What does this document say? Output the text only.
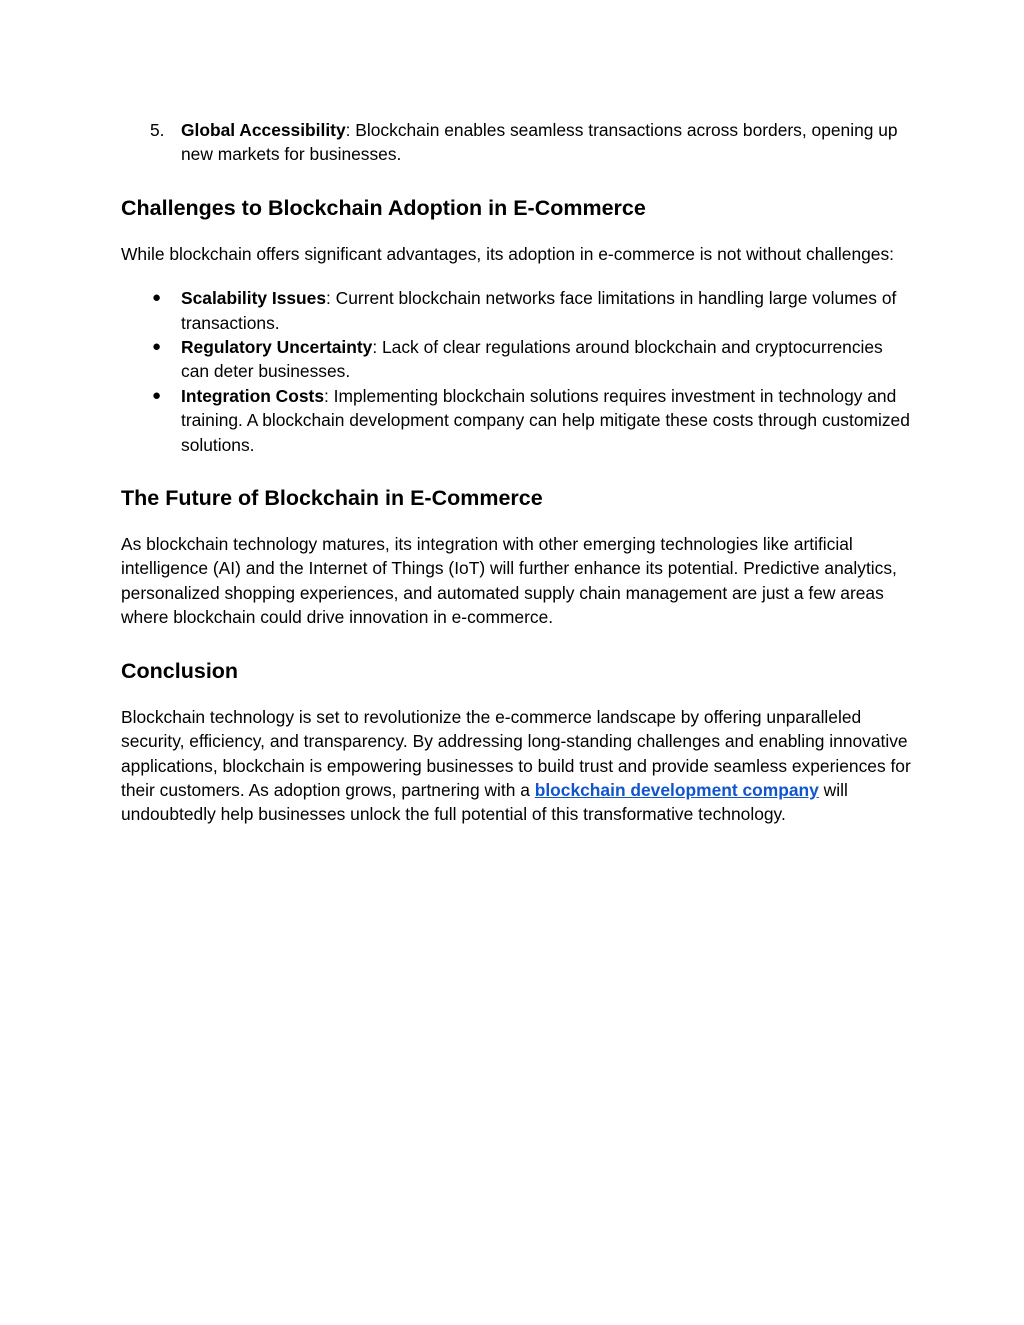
5. Global Accessibility: Blockchain enables seamless transactions across borders, opening up new markets for businesses.

Challenges to Blockchain Adoption in E-Commerce

While blockchain offers significant advantages, its adoption in e-commerce is not without challenges:

● Scalability Issues: Current blockchain networks face limitations in handling large volumes of transactions.
● Regulatory Uncertainty: Lack of clear regulations around blockchain and cryptocurrencies can deter businesses.
● Integration Costs: Implementing blockchain solutions requires investment in technology and training. A blockchain development company can help mitigate these costs through customized solutions.
The Future of Blockchain in E-Commerce

As blockchain technology matures, its integration with other emerging technologies like artificial intelligence (AI) and the Internet of Things (IoT) will further enhance its potential. Predictive analytics, personalized shopping experiences, and automated supply chain management are just a few areas where blockchain could drive innovation in e-commerce.

Conclusion

Blockchain technology is set to revolutionize the e-commerce landscape by offering unparalleled security, efficiency, and transparency. By addressing long-standing challenges and enabling innovative applications, blockchain is empowering businesses to build trust and provide seamless experiences for their customers. As adoption grows, partnering with a blockchain development company will undoubtedly help businesses unlock the full potential of this transformative technology.
